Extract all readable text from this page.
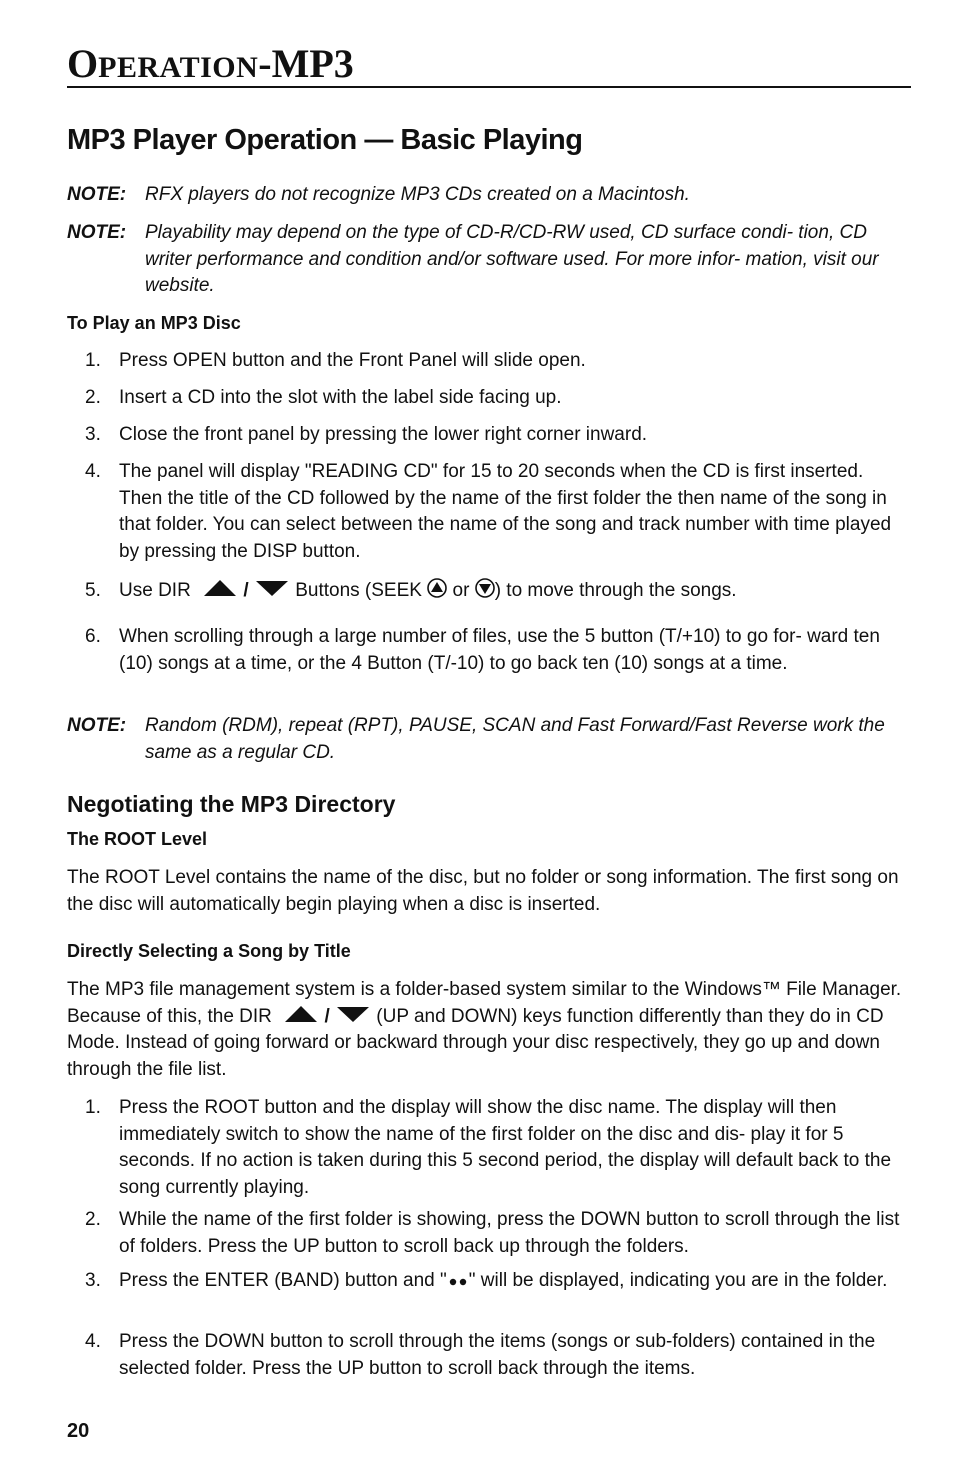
OPERATION-MP3
MP3 Player Operation — Basic Playing
NOTE: RFX players do not recognize MP3 CDs created on a Macintosh.
NOTE: Playability may depend on the type of CD-R/CD-RW used, CD surface condi- tion, CD writer performance and condition and/or software used. For more infor- mation, visit our website.
To Play an MP3 Disc
1. Press OPEN button and the Front Panel will slide open.
2. Insert a CD into the slot with the label side facing up.
3. Close the front panel by pressing the lower right corner inward.
4. The panel will display "READING CD" for 15 to 20 seconds when the CD is first inserted. Then the title of the CD followed by the name of the first folder the then name of the song in that folder. You can select between the name of the song and track number with time played by pressing the DISP button.
5. Use DIR	/ Buttons (SEEK or ) to move through the songs.
6. When scrolling through a large number of files, use the 5 button (T/+10) to go for- ward ten (10) songs at a time, or the 4 Button (T/-10) to go back ten (10) songs at a time.
NOTE: Random (RDM), repeat (RPT), PAUSE, SCAN and Fast Forward/Fast Reverse work the same as a regular CD.
Negotiating the MP3 Directory
The ROOT Level
The ROOT Level contains the name of the disc, but no folder or song information. The first song on the disc will automatically begin playing when a disc is inserted.
Directly Selecting a Song by Title
The MP3 file management system is a folder-based system similar to the Windows™ File Manager. Because of this, the DIR	/ (UP and DOWN) keys function differently than they do in CD Mode. Instead of going forward or backward through your disc respectively, they go up and down through the file list.
1. Press the ROOT button and the display will show the disc name. The display will then immediately switch to show the name of the first folder on the disc and dis- play it for 5 seconds. If no action is taken during this 5 second period, the display will default back to the song currently playing.
2. While the name of the first folder is showing, press the DOWN button to scroll through the list of folders. Press the UP button to scroll back up through the folders.
3. Press the ENTER (BAND) button and " " will be displayed, indicating you are in the folder.
4. Press the DOWN button to scroll through the items (songs or sub-folders) contained in the selected folder. Press the UP button to scroll back through the items.
20
